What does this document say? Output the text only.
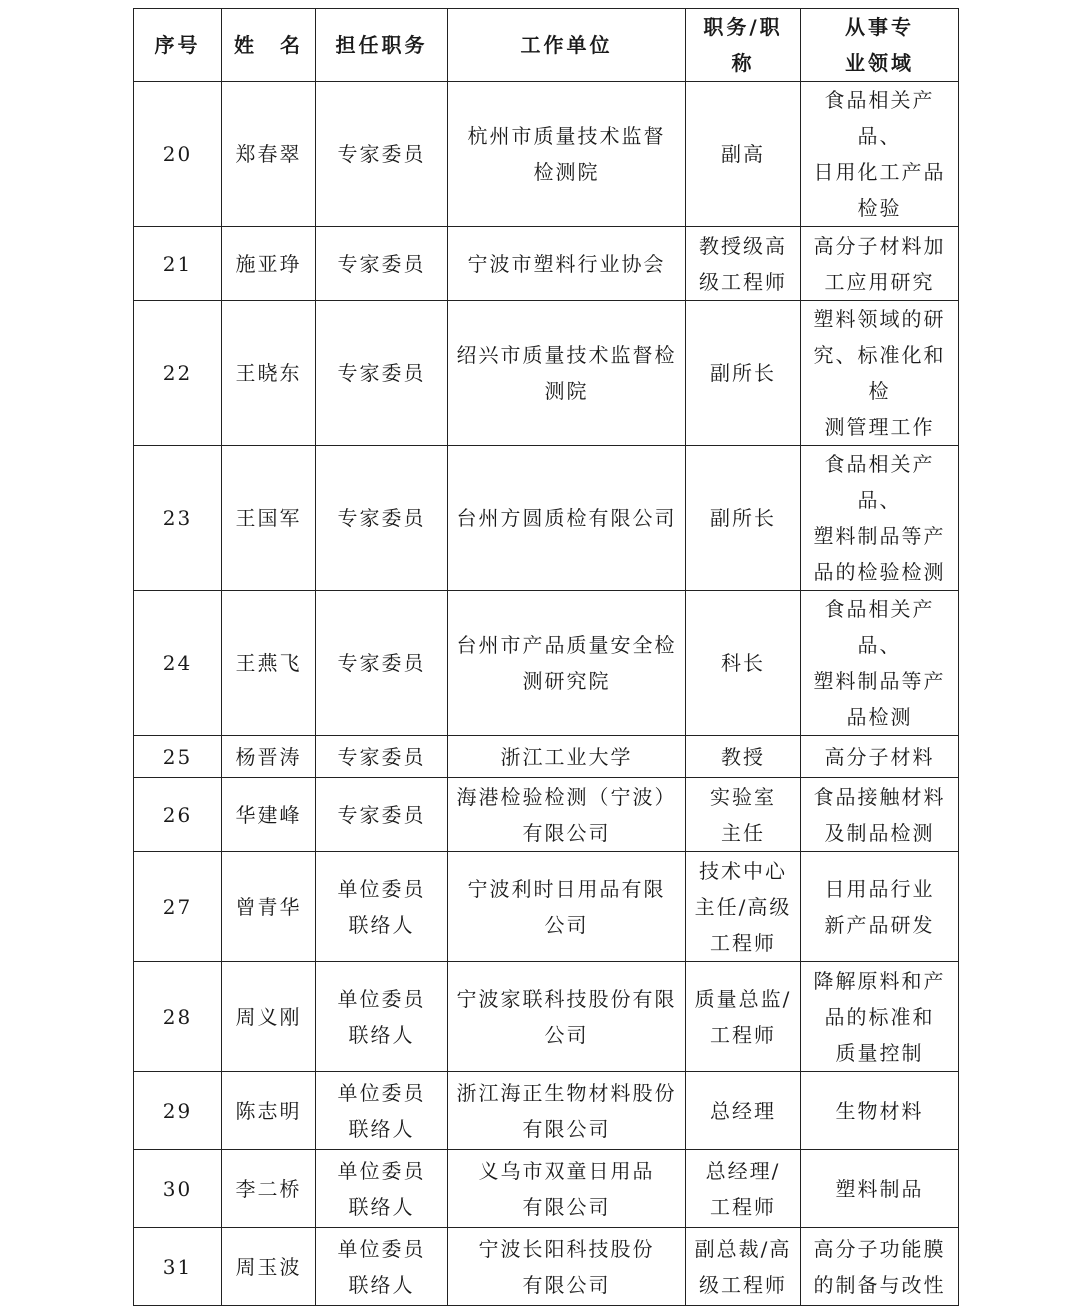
序号	姓　名	担任职务	工作单位	职务/职称	从事专
业领域
20	郑春翠	专家委员	杭州市质量技术监督
检测院	副高	食品相关产品、
日用化工产品
检验
21	施亚琤	专家委员	宁波市塑料行业协会	教授级高
级工程师	高分子材料加
工应用研究
22	王晓东	专家委员	绍兴市质量技术监督检
测院	副所长	塑料领域的研
究、标准化和检
测管理工作
23	王国军	专家委员	台州方圆质检有限公司	副所长	食品相关产品、
塑料制品等产
品的检验检测
24	王燕飞	专家委员	台州市产品质量安全检
测研究院	科长	食品相关产品、
塑料制品等产
品检测
25	杨晋涛	专家委员	浙江工业大学	教授	高分子材料
26	华建峰	专家委员	海港检验检测（宁波）
有限公司	实验室
主任	食品接触材料
及制品检测
27	曾青华	单位委员
联络人	宁波利时日用品有限
公司	技术中心
主任/高级
工程师	日用品行业
新产品研发
28	周义刚	单位委员
联络人	宁波家联科技股份有限
公司	质量总监/
工程师	降解原料和产
品的标准和
质量控制
29	陈志明	单位委员
联络人	浙江海正生物材料股份
有限公司	总经理	生物材料
30	李二桥	单位委员
联络人	义乌市双童日用品
有限公司	总经理/
工程师	塑料制品
31	周玉波	单位委员
联络人	宁波长阳科技股份
有限公司	副总裁/高
级工程师	高分子功能膜
的制备与改性
